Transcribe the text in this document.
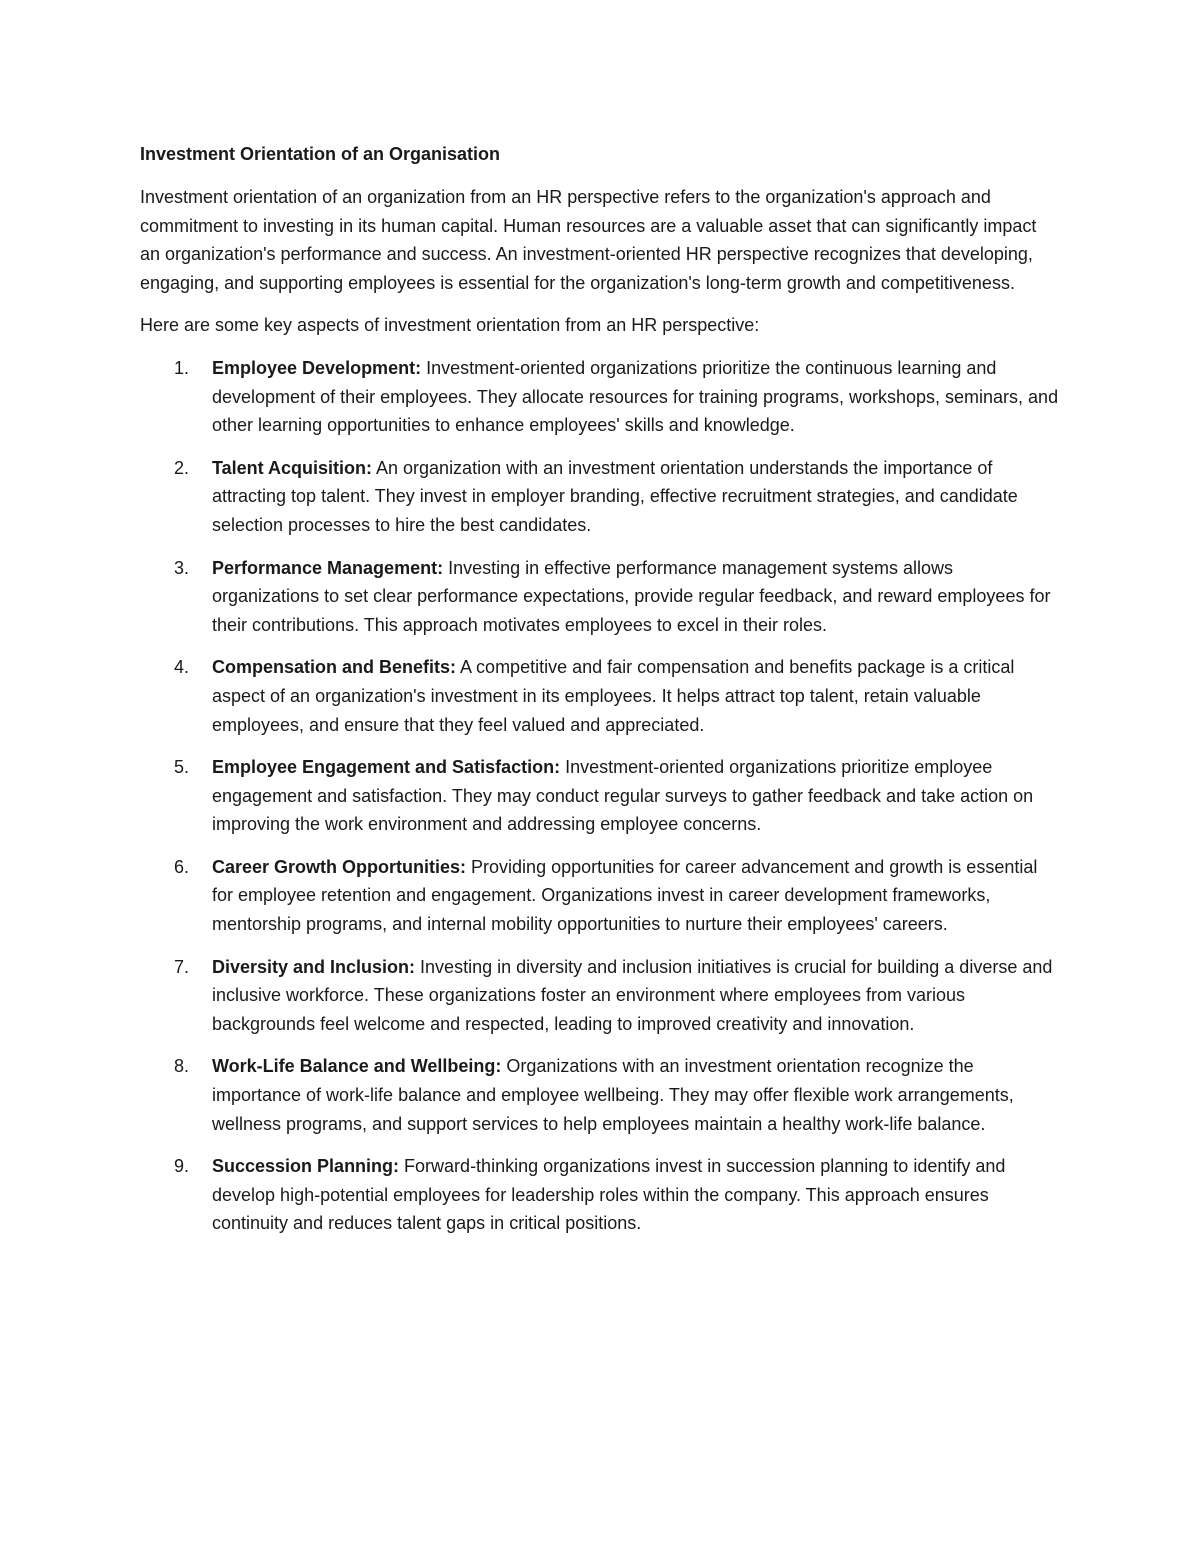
Investment Orientation of an Organisation

Investment orientation of an organization from an HR perspective refers to the organization's approach and commitment to investing in its human capital. Human resources are a valuable asset that can significantly impact an organization's performance and success. An investment-oriented HR perspective recognizes that developing, engaging, and supporting employees is essential for the organization's long-term growth and competitiveness.

Here are some key aspects of investment orientation from an HR perspective:

1. Employee Development: Investment-oriented organizations prioritize the continuous learning and development of their employees. They allocate resources for training programs, workshops, seminars, and other learning opportunities to enhance employees' skills and knowledge.
2. Talent Acquisition: An organization with an investment orientation understands the importance of attracting top talent. They invest in employer branding, effective recruitment strategies, and candidate selection processes to hire the best candidates.
3. Performance Management: Investing in effective performance management systems allows organizations to set clear performance expectations, provide regular feedback, and reward employees for their contributions. This approach motivates employees to excel in their roles.
4. Compensation and Benefits: A competitive and fair compensation and benefits package is a critical aspect of an organization's investment in its employees. It helps attract top talent, retain valuable employees, and ensure that they feel valued and appreciated.
5. Employee Engagement and Satisfaction: Investment-oriented organizations prioritize employee engagement and satisfaction. They may conduct regular surveys to gather feedback and take action on improving the work environment and addressing employee concerns.
6. Career Growth Opportunities: Providing opportunities for career advancement and growth is essential for employee retention and engagement. Organizations invest in career development frameworks, mentorship programs, and internal mobility opportunities to nurture their employees' careers.
7. Diversity and Inclusion: Investing in diversity and inclusion initiatives is crucial for building a diverse and inclusive workforce. These organizations foster an environment where employees from various backgrounds feel welcome and respected, leading to improved creativity and innovation.
8. Work-Life Balance and Wellbeing: Organizations with an investment orientation recognize the importance of work-life balance and employee wellbeing. They may offer flexible work arrangements, wellness programs, and support services to help employees maintain a healthy work-life balance.
9. Succession Planning: Forward-thinking organizations invest in succession planning to identify and develop high-potential employees for leadership roles within the company. This approach ensures continuity and reduces talent gaps in critical positions.
